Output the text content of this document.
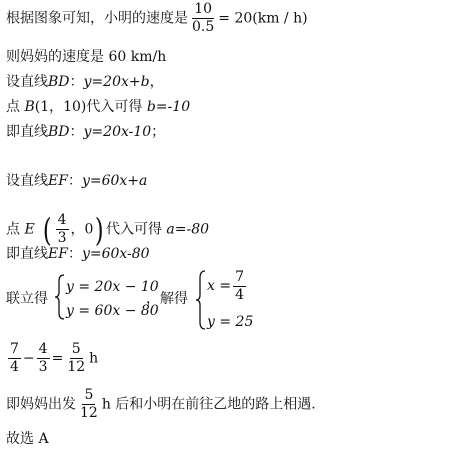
根据图象可知，小明的速度是 $\frac{10}{0.5} = 20(km / h)$
则妈妈的速度是 60 km/h
设直线BD：y=20x+b，
点 B(1，10)代入可得 b=-10
即直线BD：y=20x-10；
设直线EF：y=60x+a
点 E ( $\frac{4}{3}$ ，0) 代入可得 a=-80
即直线EF：y=60x-80
联立得
y = 20x − 10
y = 60x − 80
，解得
$x = \frac{7}{4}$
y = 25
$\frac{7}{4} - \frac{4}{3} = \frac{5}{12}$ h
即妈妈出发 $\frac{5}{12}$ h 后和小明在前往乙地的路上相遇.
故选 A
